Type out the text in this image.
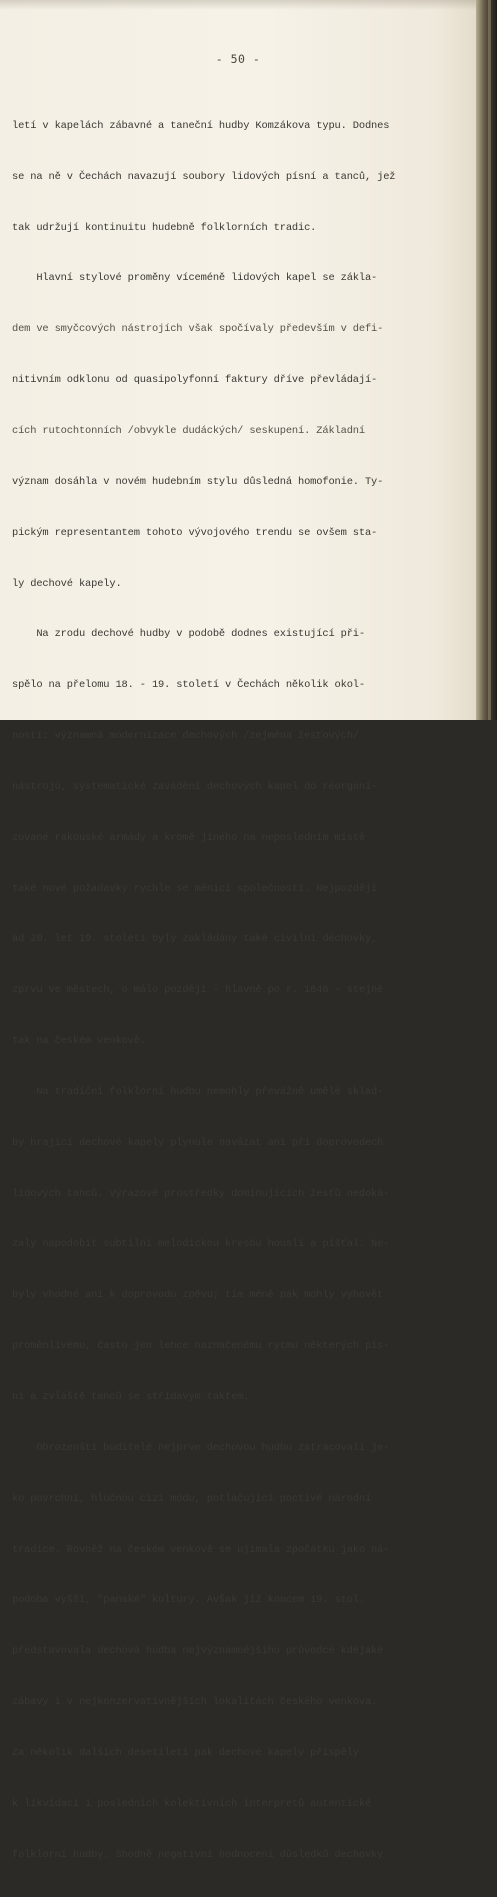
- 50 -

letí v kapelách zábavné a taneční hudby Komzákova typu. Dodnes

se na ně v Čechách navazují soubory lidových písní a tanců, jež

tak udržují kontinuitu hudebně folklorních tradic.

Hlavní stylové proměny víceméně lidových kapel se zákla-

dem ve smyčcových nástrojích však spočívaly především v defi-

nitivním odklonu od quasipolyfonní faktury dříve převládají-

cích rutochtonních /obvykle dudáckých/ seskupení. Základní

význam dosáhla v novém hudebním stylu důsledná homofonie. Ty-

pickým representantem tohoto vývojového trendu se ovšem sta-

ly dechové kapely.

Na zrodu dechové hudby v podobě dodnes existující při-

spělo na přelomu 18. - 19. století v Čechách několik okol-

ností: významná modernizace dechových /zejména žesťových/

nástrojů, systematické zavádění dechových kapel do reorgani-

zované rakouské armády a kromě jiného na neposledním místě

také nové požadavky rychle se měnící společnosti. Nejpozději

ad 20. let 19. století byly zakládány také civilní dechovky,

zprvu ve městech, o málo později - hlavně po r. 1848 - stejně

tak na českém venkově.

Na tradiční folklorní hudbu nemohly převážně umělé sklad-

by hrající dechové kapely plynule navázat ani při doprovodech

lidových tanců. Výrazové prostředky dominujících žesťů nedoká-

zaly napodobit subtilní melodickou kresbu houslí a píšťal. Ne-

byly vhodné ani k doprovodu zpěvu; tím méně pak mohly vyhovět

proměnlivému, často jen lehce naznačenému rytmu některých pís-

ní a zvláště tanců se střídavým taktem.

Obrozenští buditelé nejprve dechovou hudbu zatracovali je-

ko povrchní, hlučnou cizí módu, potlačující poctivé národní

tradice. Rovněž na českém venkově se ujímala zpočátku jako ná-

podoba vyšší, "panské" kultury. Avšak již koncem 19. stol.

představovala dechová hudba nejvýznamnějšího průvodce kdejaké

zábavy i v nejkonzervativnějších lokalitách českého venkova.

Za několik dalších desetiletí pak dechové kapely přispěly

k likvidaci i posledních kolektivních interpretů autentické

folklorní hudby. Shodně negativní hodnocení důsledků dechovky
